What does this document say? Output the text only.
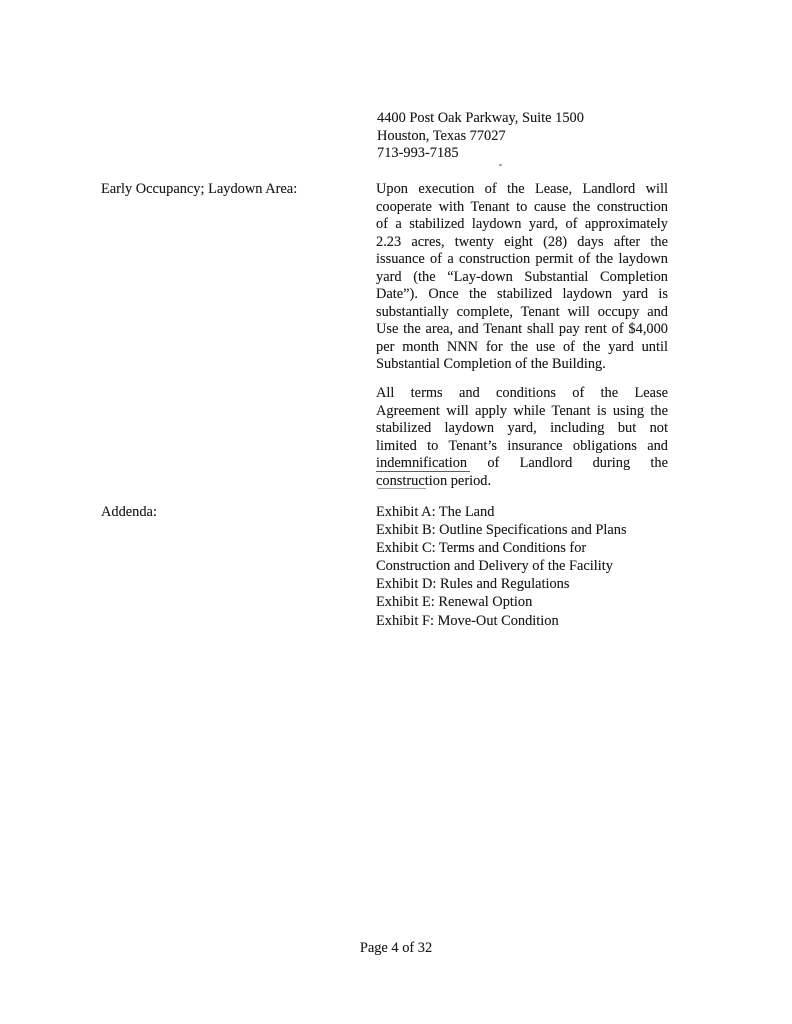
4400 Post Oak Parkway, Suite 1500
Houston, Texas 77027
713-993-7185
Early Occupancy; Laydown Area:	Upon execution of the Lease, Landlord will
cooperate with Tenant to cause the construction
of a stabilized laydown yard, of approximately
2.23 acres, twenty eight (28) days after the
issuance of a construction permit of the laydown
yard (the “Lay-down Substantial Completion
Date”). Once the stabilized laydown yard is
substantially complete, Tenant will occupy and
Use the area, and Tenant shall pay rent of $4,000
per month NNN for the use of the yard until
Substantial Completion of the Building.
All terms and conditions of the Lease
Agreement will apply while Tenant is using the
stabilized laydown yard, including but not
limited to Tenant’s insurance obligations and
indemnification of Landlord during the
construction period.
Addenda:	Exhibit A: The Land
Exhibit B: Outline Specifications and Plans
Exhibit C: Terms and Conditions for
Construction and Delivery of the Facility
Exhibit D: Rules and Regulations
Exhibit E: Renewal Option
Exhibit F: Move-Out Condition
Page 4 of 32
